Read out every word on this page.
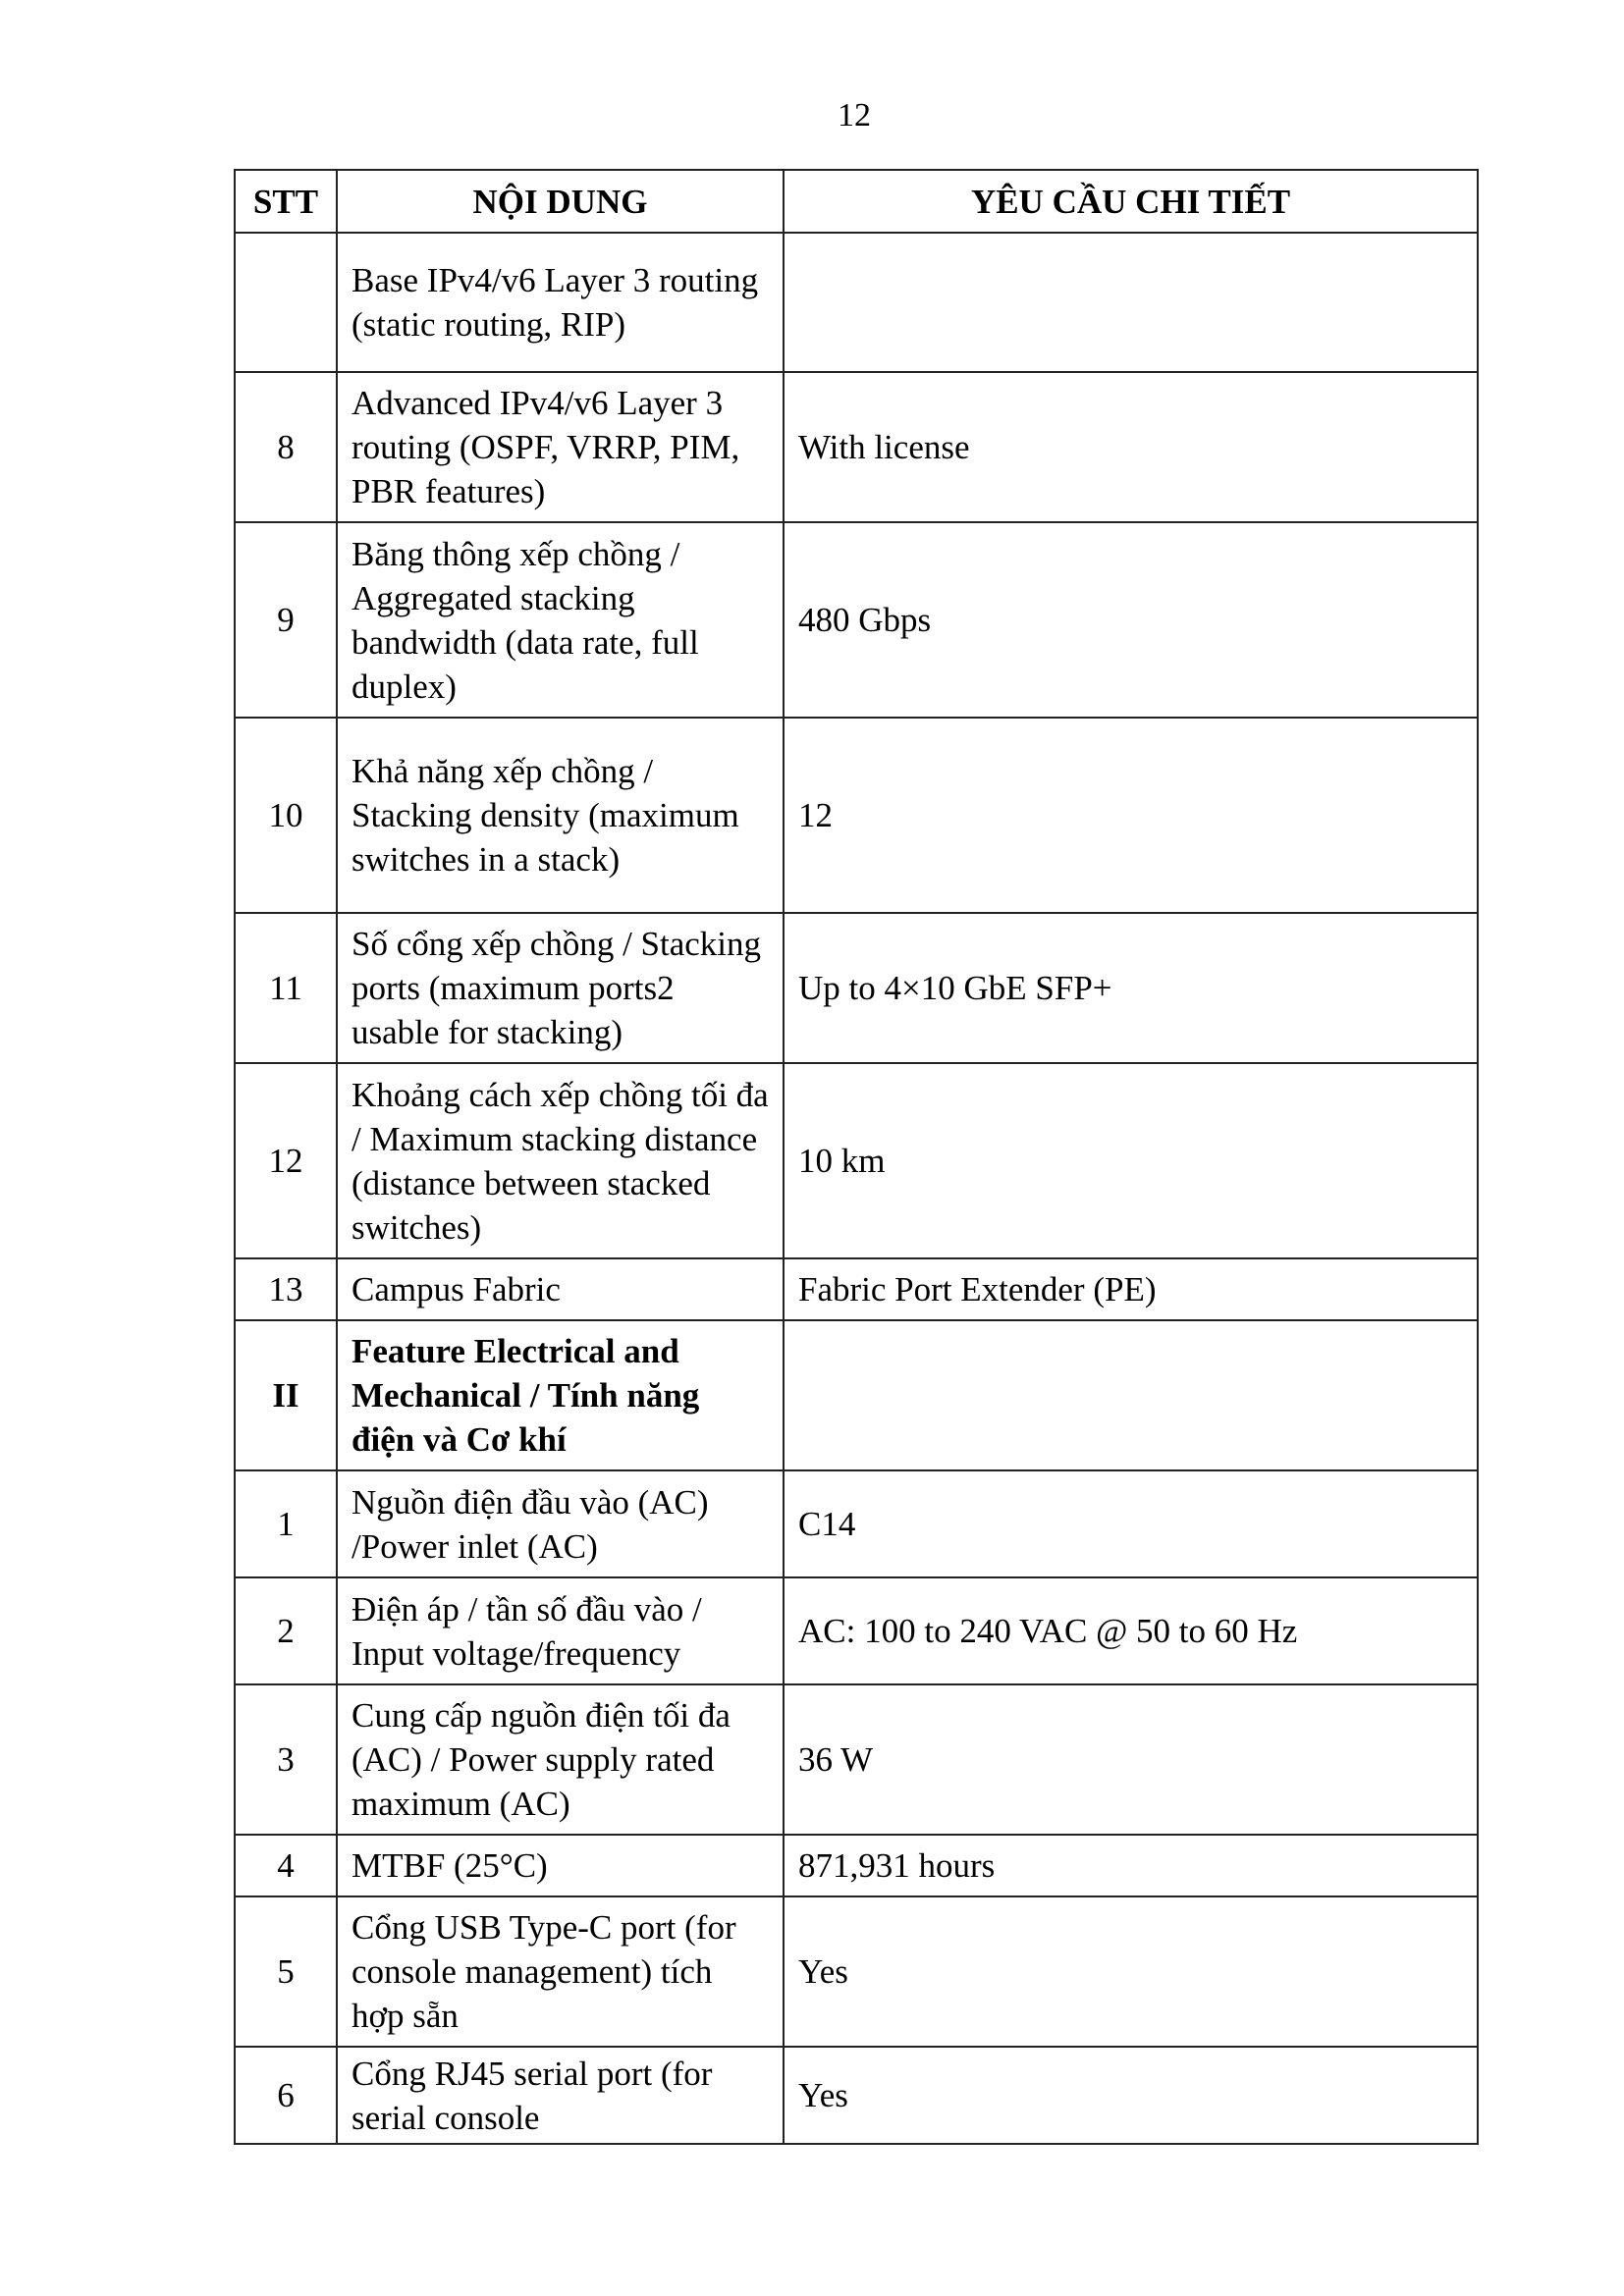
12
STT	NỘI DUNG	YÊU CẦU CHI TIẾT
	Base IPv4/v6 Layer 3 routing (static routing, RIP)	
8	Advanced IPv4/v6 Layer 3 routing (OSPF, VRRP, PIM, PBR features)	With license
9	Băng thông xếp chồng / Aggregated stacking bandwidth (data rate, full duplex)	480 Gbps
10	Khả năng xếp chồng / Stacking density (maximum switches in a stack)	12
11	Số cổng xếp chồng / Stacking ports (maximum ports2 usable for stacking)	Up to 4×10 GbE SFP+
12	Khoảng cách xếp chồng tối đa / Maximum stacking distance (distance between stacked switches)	10 km
13	Campus Fabric	Fabric Port Extender (PE)
II	Feature Electrical and Mechanical / Tính năng điện và Cơ khí	
1	Nguồn điện đầu vào (AC) /Power inlet (AC)	C14
2	Điện áp / tần số đầu vào / Input voltage/frequency	AC: 100 to 240 VAC @ 50 to 60 Hz
3	Cung cấp nguồn điện tối đa (AC) / Power supply rated maximum (AC)	36 W
4	MTBF (25°C)	871,931 hours
5	Cổng USB Type-C port (for console management) tích hợp sẵn	Yes
6	Cổng RJ45 serial port (for serial console	Yes
